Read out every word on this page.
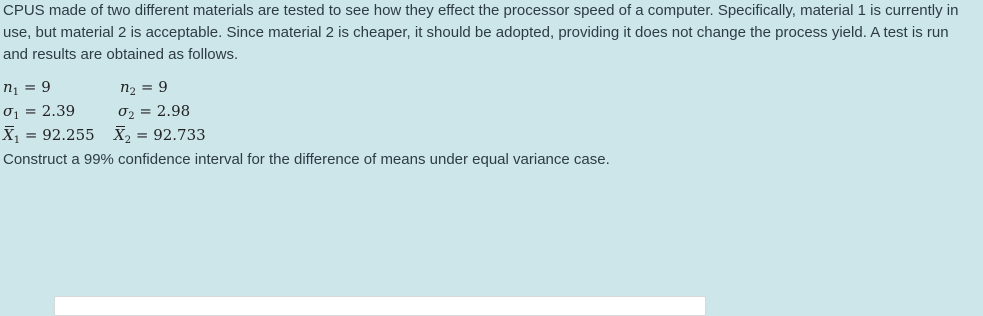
CPUS made of two different materials are tested to see how they effect the processor speed of a computer. Specifically, material 1 is currently in use, but material 2 is acceptable. Since material 2 is cheaper, it should be adopted, providing it does not change the process yield. A test is run and results are obtained as follows.

$n_1 = 9$	$n_2 = 9$
$\sigma_1 = 2.39$	$\sigma_2 = 2.98$
$X_1 = 92.255$ $X_2 = 92.733$

Construct a 99% confidence interval for the difference of means under equal variance case.
